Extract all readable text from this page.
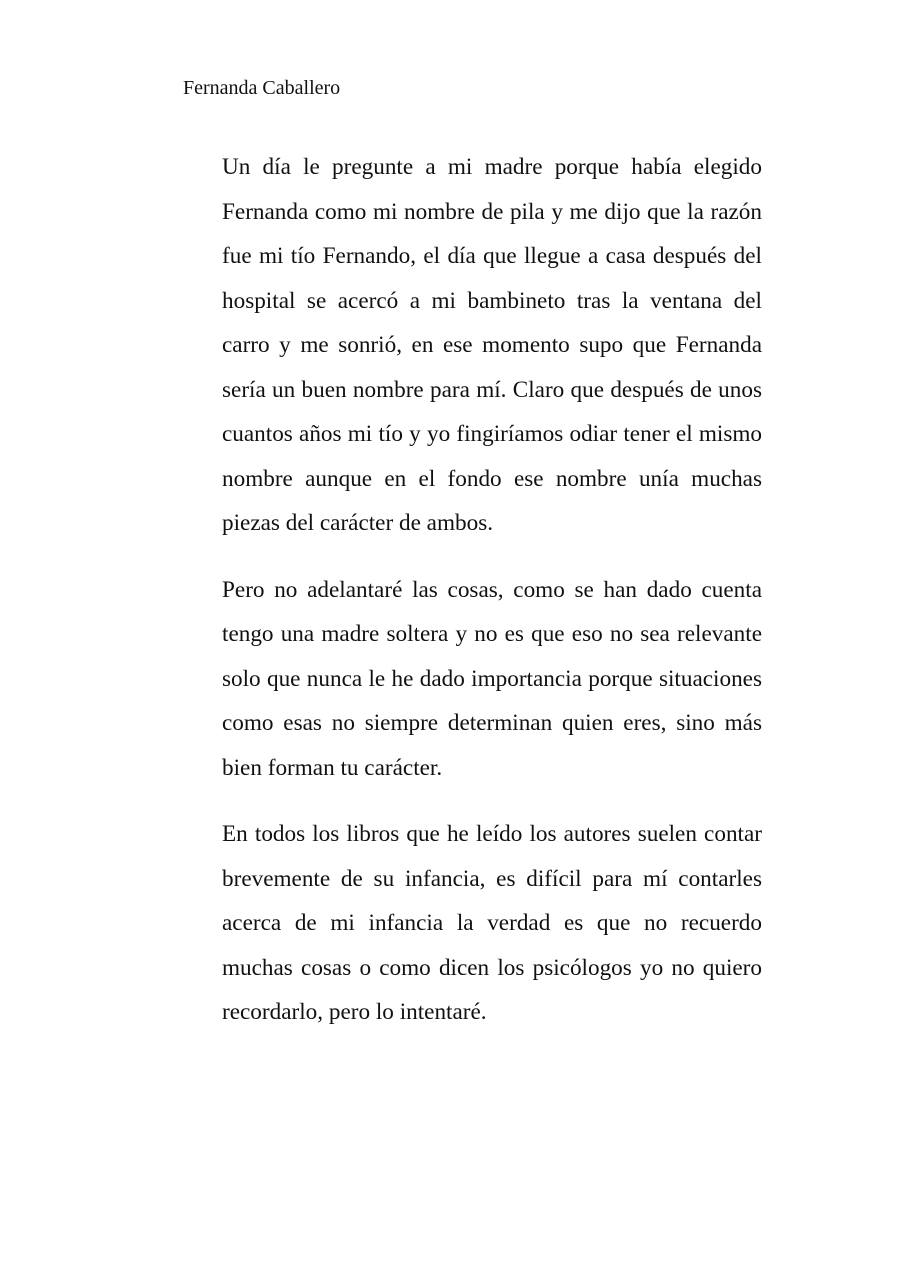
Fernanda Caballero

Un día le pregunte a mi madre porque había elegido Fernanda como mi nombre de pila y me dijo que la razón fue mi tío Fernando, el día que llegue a casa después del hospital se acercó a mi bambineto tras la ventana del carro y me sonrió, en ese momento supo que Fernanda sería un buen nombre para mí. Claro que después de unos cuantos años mi tío y yo fingiríamos odiar tener el mismo nombre aunque en el fondo ese nombre unía muchas piezas del carácter de ambos.

Pero no adelantaré las cosas, como se han dado cuenta tengo una madre soltera y no es que eso no sea relevante solo que nunca le he dado importancia porque situaciones como esas no siempre determinan quien eres, sino más bien forman tu carácter.

En todos los libros que he leído los autores suelen contar brevemente de su infancia, es difícil para mí contarles acerca de mi infancia la verdad es que no recuerdo muchas cosas o como dicen los psicólogos yo no quiero recordarlo, pero lo intentaré.
